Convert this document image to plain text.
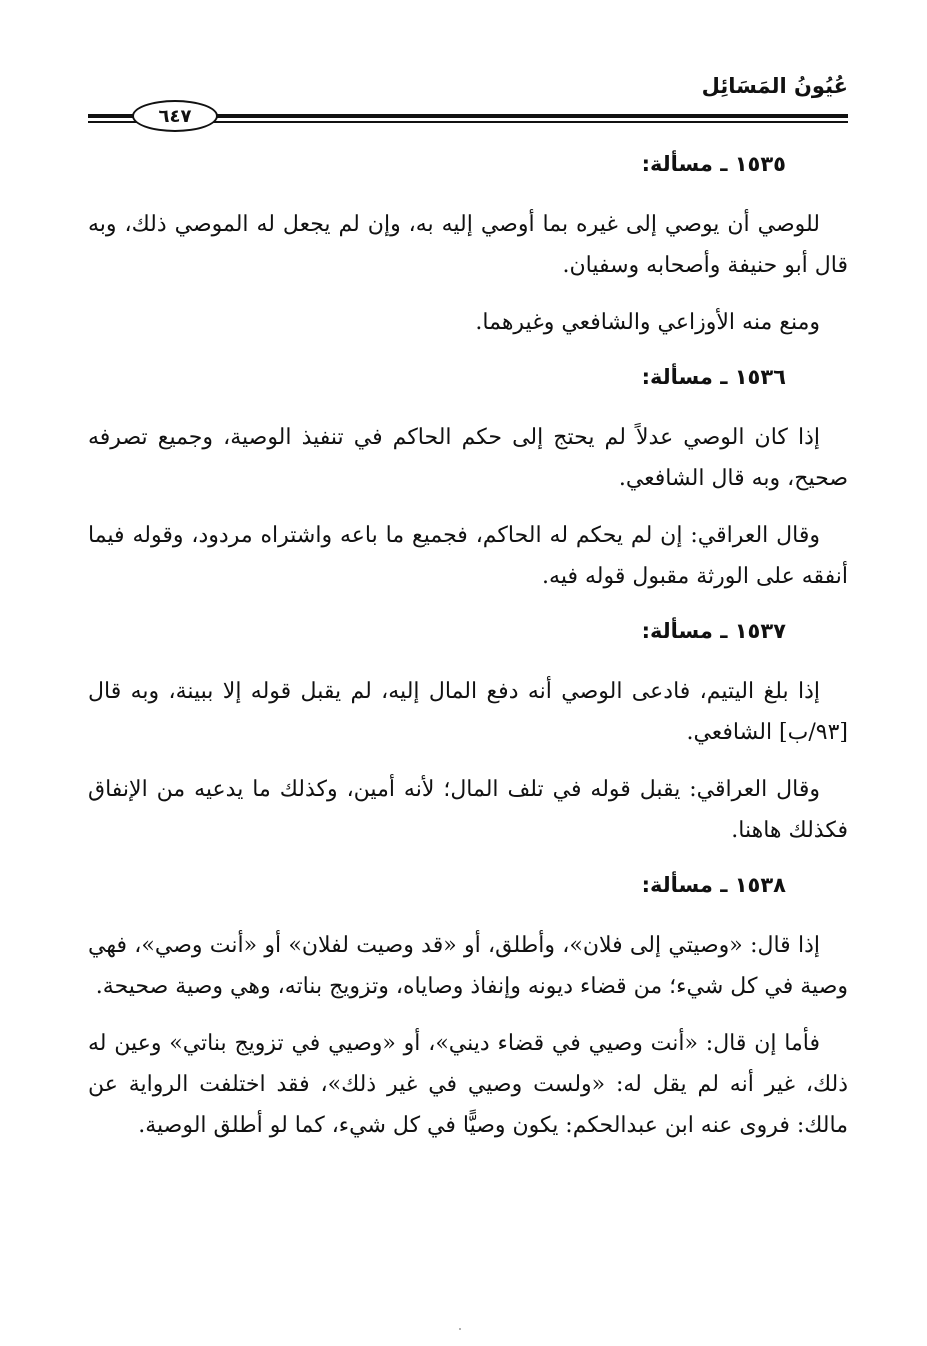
عُيُونُ المَسَائِل
٦٤٧
١٥٣٥ ـ مسألة:

للوصي أن يوصي إلى غيره بما أوصي إليه به، وإن لم يجعل له الموصي ذلك، وبه قال أبو حنيفة وأصحابه وسفيان.

ومنع منه الأوزاعي والشافعي وغيرهما.

١٥٣٦ ـ مسألة:

إذا كان الوصي عدلاً لم يحتج إلى حكم الحاكم في تنفيذ الوصية، وجميع تصرفه صحيح، وبه قال الشافعي.

وقال العراقي: إن لم يحكم له الحاكم، فجميع ما باعه واشتراه مردود، وقوله فيما أنفقه على الورثة مقبول قوله فيه.

١٥٣٧ ـ مسألة:

إذا بلغ اليتيم، فادعى الوصي أنه دفع المال إليه، لم يقبل قوله إلا ببينة، وبه قال [٩٣/ب] الشافعي.

وقال العراقي: يقبل قوله في تلف المال؛ لأنه أمين، وكذلك ما يدعيه من الإنفاق فكذلك هاهنا.

١٥٣٨ ـ مسألة:

إذا قال: «وصيتي إلى فلان»، وأطلق، أو «قد وصيت لفلان» أو «أنت وصي»، فهي وصية في كل شيء؛ من قضاء ديونه وإنفاذ وصاياه، وتزويج بناته، وهي وصية صحيحة.

فأما إن قال: «أنت وصيي في قضاء ديني»، أو «وصيي في تزويج بناتي» وعين له ذلك، غير أنه لم يقل له: «ولست وصيي في غير ذلك»، فقد اختلفت الرواية عن مالك: فروى عنه ابن عبدالحكم: يكون وصيًّا في كل شيء، كما لو أطلق الوصية.
